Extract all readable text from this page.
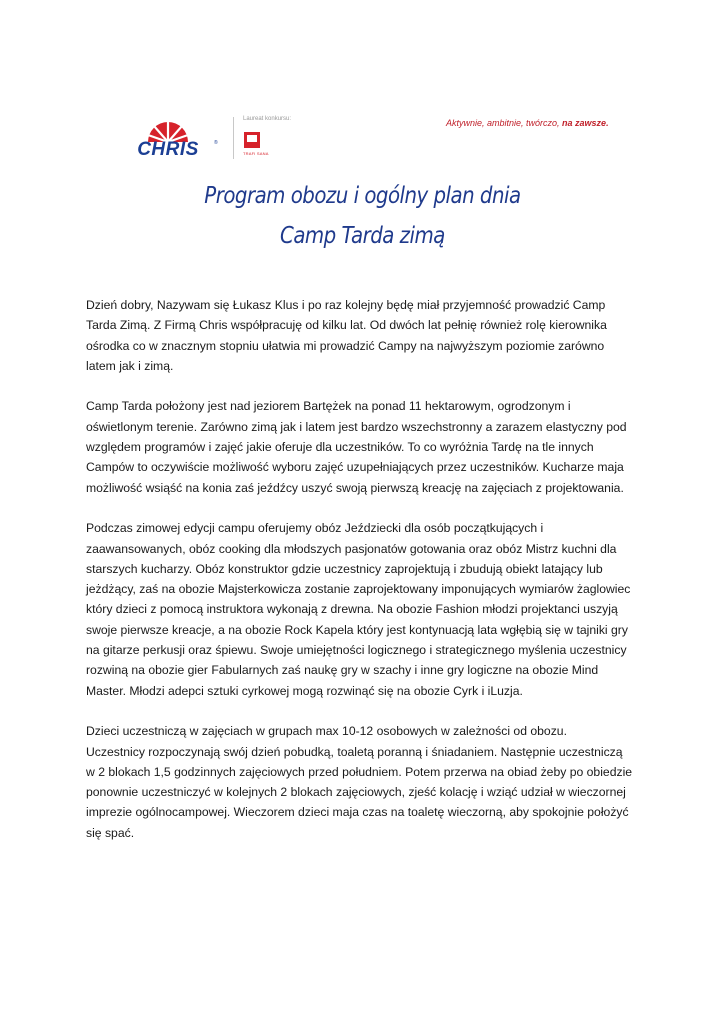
CHRIS	®
Laureat konkursu:
TRAFI SANA
Aktywnie, ambitnie, twórczo, na zawsze.
Program obozu i ogólny plan dnia
Camp Tarda zimą
Dzień dobry, Nazywam się Łukasz Klus i po raz kolejny będę miał przyjemność prowadzić Camp
Tarda Zimą. Z Firmą Chris współpracuję od kilku lat. Od dwóch lat pełnię również rolę kierownika
ośrodka co w znacznym stopniu ułatwia mi prowadzić Campy na najwyższym poziomie zarówno
latem jak i zimą.
Camp Tarda położony jest nad jeziorem Bartężek na ponad 11 hektarowym, ogrodzonym i
oświetlonym terenie. Zarówno zimą jak i latem jest bardzo wszechstronny a zarazem elastyczny pod
względem programów i zajęć jakie oferuje dla uczestników. To co wyróżnia Tardę na tle innych
Campów to oczywiście możliwość wyboru zajęć uzupełniających przez uczestników. Kucharze maja
możliwość wsiąść na konia zaś jeźdźcy uszyć swoją pierwszą kreację na zajęciach z projektowania.
Podczas zimowej edycji campu oferujemy obóz Jeździecki dla osób początkujących i
zaawansowanych, obóz cooking dla młodszych pasjonatów gotowania oraz obóz Mistrz kuchni dla
starszych kucharzy. Obóz konstruktor gdzie uczestnicy zaprojektują i zbudują obiekt latający lub
jeżdżący, zaś na obozie Majsterkowicza zostanie zaprojektowany imponujących wymiarów żaglowiec
który dzieci z pomocą instruktora wykonają z drewna. Na obozie Fashion młodzi projektanci uszyją
swoje pierwsze kreacje, a na obozie Rock Kapela który jest kontynuacją lata wgłębią się w tajniki gry
na gitarze perkusji oraz śpiewu. Swoje umiejętności logicznego i strategicznego myślenia uczestnicy
rozwiną na obozie gier Fabularnych zaś naukę gry w szachy i inne gry logiczne na obozie Mind
Master. Młodzi adepci sztuki cyrkowej mogą rozwinąć się na obozie Cyrk i iLuzja.
Dzieci uczestniczą w zajęciach w grupach max 10-12 osobowych w zależności od obozu.
Uczestnicy rozpoczynają swój dzień pobudką, toaletą poranną i śniadaniem. Następnie uczestniczą
w 2 blokach 1,5 godzinnych zajęciowych przed południem. Potem przerwa na obiad żeby po obiedzie
ponownie uczestniczyć w kolejnych 2 blokach zajęciowych, zjeść kolację i wziąć udział w wieczornej
imprezie ogólnocampowej. Wieczorem dzieci maja czas na toaletę wieczorną, aby spokojnie położyć
się spać.
